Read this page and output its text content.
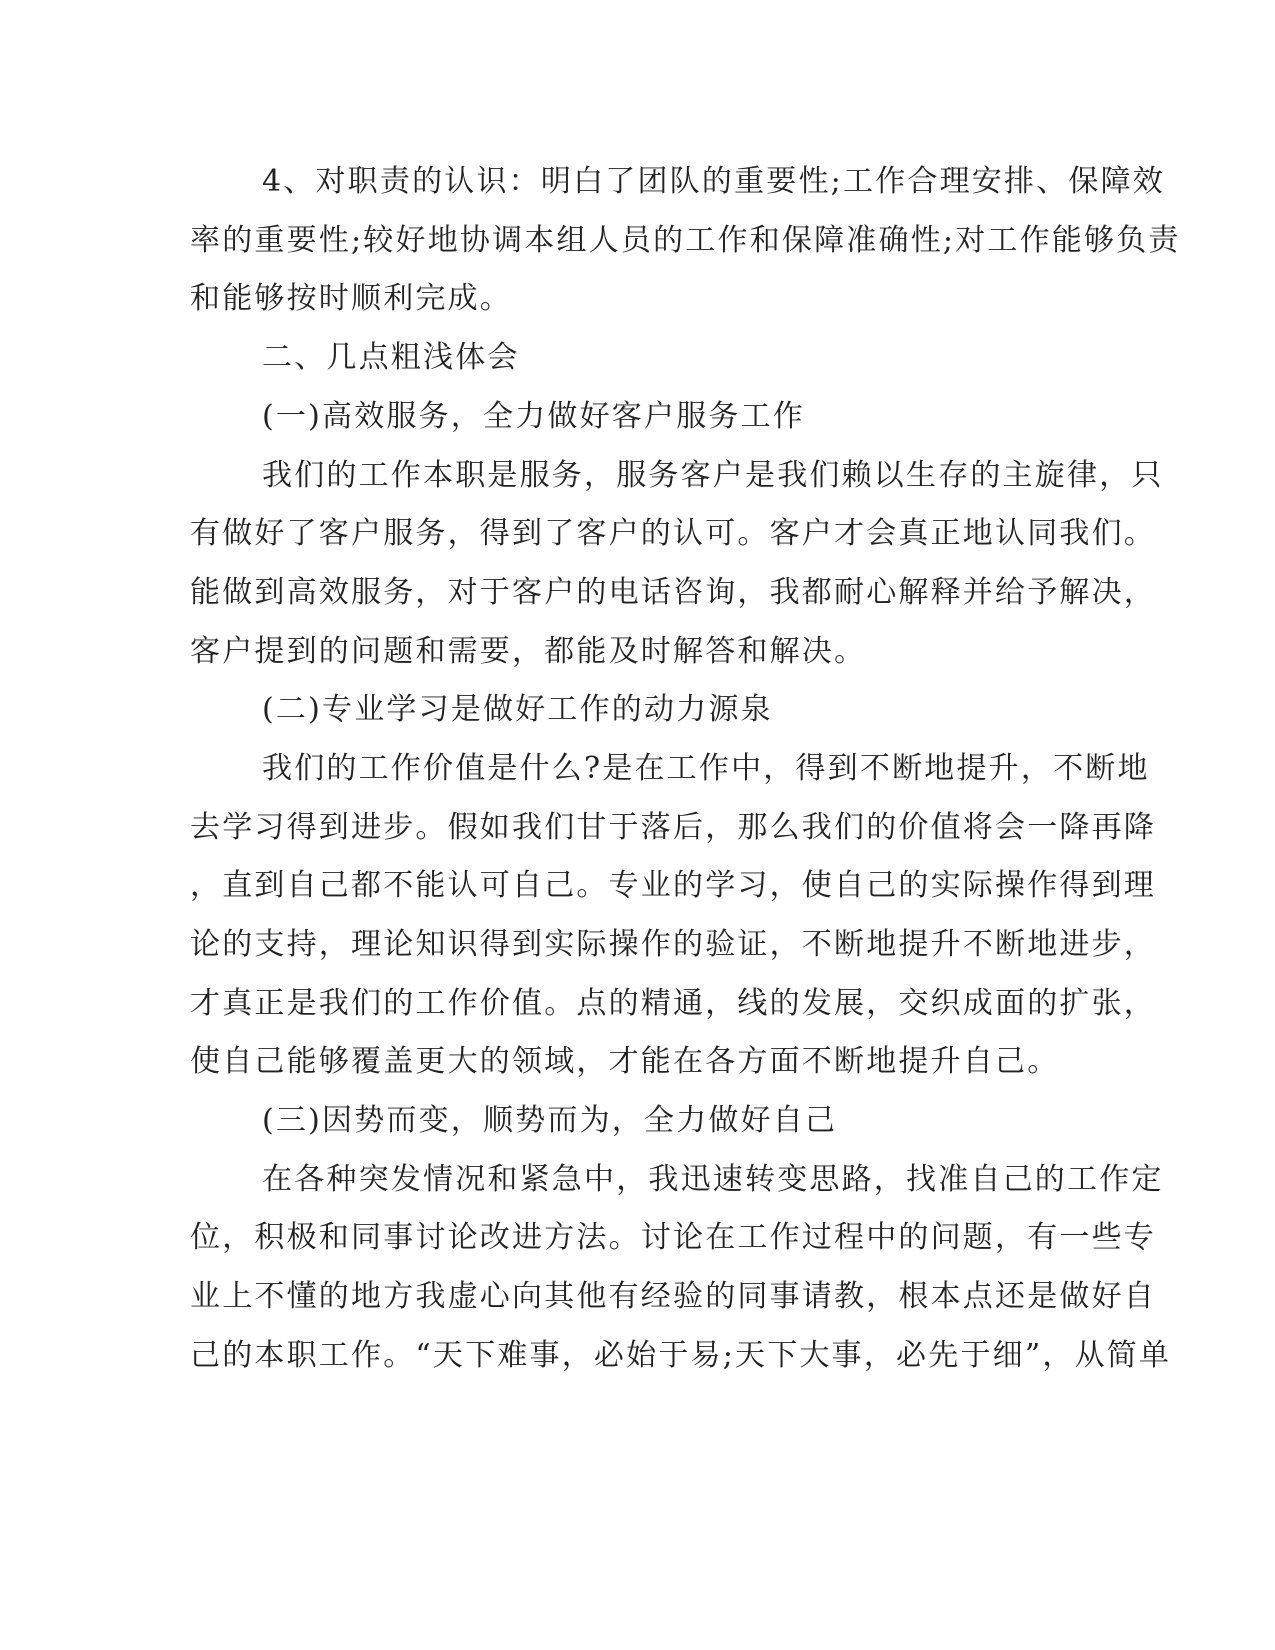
4、对职责的认识：明白了团队的重要性;工作合理安排、保障效
率的重要性;较好地协调本组人员的工作和保障准确性;对工作能够负责
和能够按时顺利完成。
二、几点粗浅体会
(一)高效服务，全力做好客户服务工作
我们的工作本职是服务，服务客户是我们赖以生存的主旋律，只
有做好了客户服务，得到了客户的认可。客户才会真正地认同我们。
能做到高效服务，对于客户的电话咨询，我都耐心解释并给予解决，
客户提到的问题和需要，都能及时解答和解决。
(二)专业学习是做好工作的动力源泉
我们的工作价值是什么?是在工作中，得到不断地提升，不断地
去学习得到进步。假如我们甘于落后，那么我们的价值将会一降再降
，直到自己都不能认可自己。专业的学习，使自己的实际操作得到理
论的支持，理论知识得到实际操作的验证，不断地提升不断地进步，
才真正是我们的工作价值。点的精通，线的发展，交织成面的扩张，
使自己能够覆盖更大的领域，才能在各方面不断地提升自己。
(三)因势而变，顺势而为，全力做好自己
在各种突发情况和紧急中，我迅速转变思路，找准自己的工作定
位，积极和同事讨论改进方法。讨论在工作过程中的问题，有一些专
业上不懂的地方我虚心向其他有经验的同事请教，根本点还是做好自
己的本职工作。“天下难事，必始于易;天下大事，必先于细”，从简单
